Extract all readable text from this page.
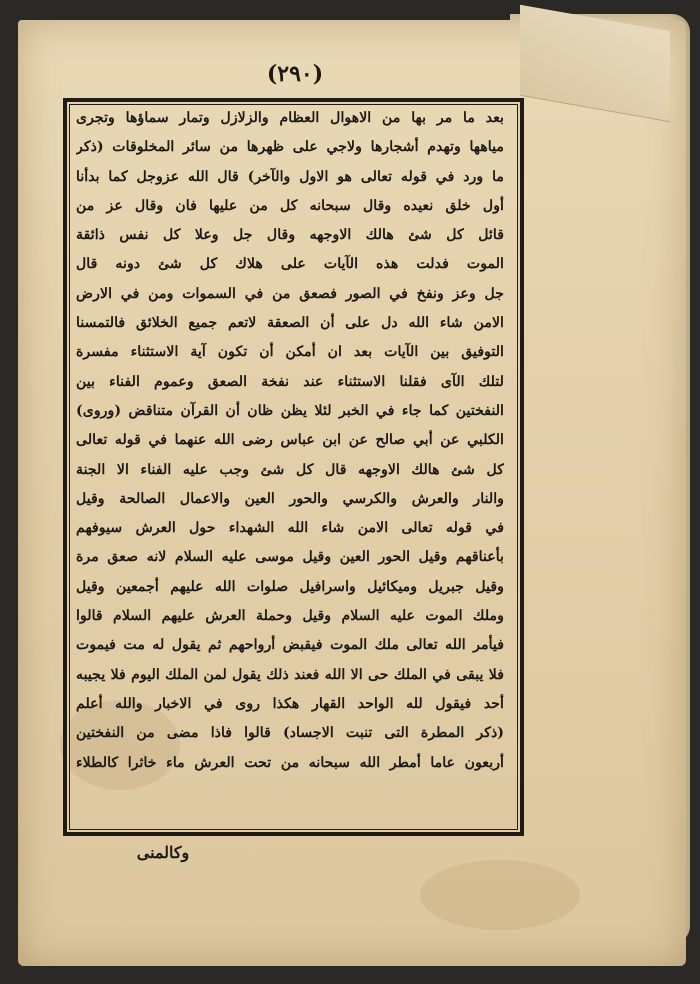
(٢٩٠)
بعد ما مر بها من الاهوال العظام والزلازل وتمار سماؤها وتجرى
مياهها وتهدم أشجارها ولاجي على ظهرها من سائر المخلوقات (ذكر
ما ورد في قوله تعالى هو الاول والآخر) قال الله عزوجل كما بدأنا
أول خلق نعيده وقال سبحانه كل من عليها فان وقال عز من
قائل كل شئ هالك الاوجهه وقال جل وعلا كل نفس ذائقة
الموت فدلت هذه الآيات على هلاك كل شئ دونه قال
جل وعز ونفخ في الصور فصعق من في السموات ومن في الارض
الامن شاء الله دل على أن الصعقة لاتعم جميع الخلائق فالتمسنا
التوفيق بين الآيات بعد ان أمكن أن تكون آية الاستثناء مفسرة
لتلك الآى فقلنا الاستثناء عند نفخة الصعق وعموم الفناء بين
النفختين كما جاء في الخبر لئلا يظن ظان أن القرآن متناقض (وروى)
الكلبي عن أبي صالح عن ابن عباس رضى الله عنهما في قوله تعالى
كل شئ هالك الاوجهه قال كل شئ وجب عليه الفناء الا الجنة
والنار والعرش والكرسي والحور العين والاعمال الصالحة وقيل
في قوله تعالى الامن شاء الله الشهداء حول العرش سيوفهم
بأعناقهم وقيل الحور العين وقيل موسى عليه السلام لانه صعق مرة
وقيل جبريل وميكائيل واسرافيل صلوات الله عليهم أجمعين وقيل
وملك الموت عليه السلام وقيل وحملة العرش عليهم السلام قالوا
فيأمر الله تعالى ملك الموت فيقبض أرواحهم ثم يقول له مت فيموت
فلا يبقى في الملك حى الا الله فعند ذلك يقول لمن الملك اليوم فلا يجيبه
أحد فيقول لله الواحد القهار هكذا روى في الاخبار والله أعلم
(ذكر المطرة التى تنبت الاجساد) قالوا فاذا مضى من النفختين
أربعون عاما أمطر الله سبحانه من تحت العرش ماء خاثرا كالطلاء
وكالمنى
